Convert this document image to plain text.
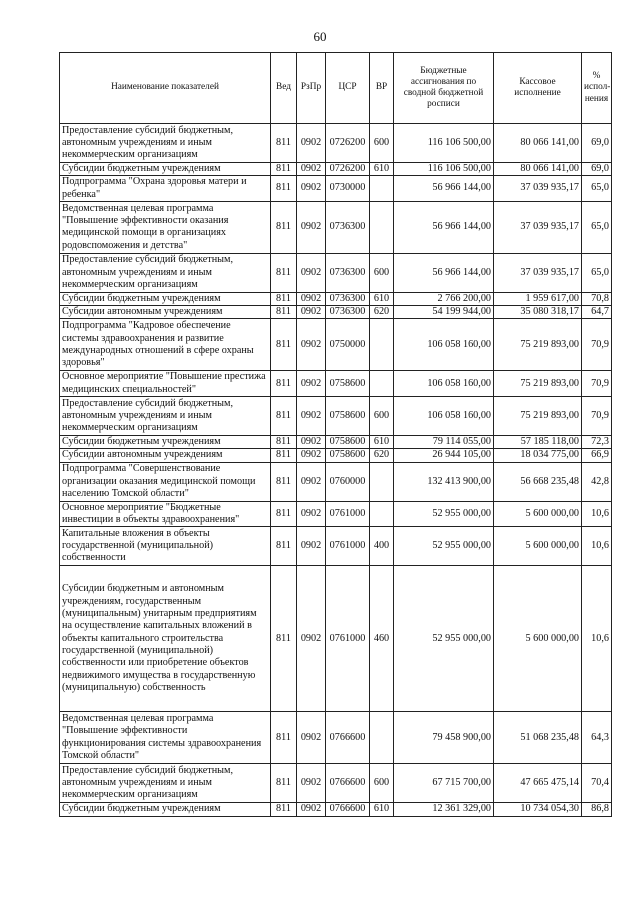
60
Наименование показателей	Вед	РзПр	ЦСР	ВР	Бюджетные ассигнования по сводной бюджетной росписи	Кассовое исполнение	% испол-нения
Предоставление субсидий бюджетным, автономным учреждениям и иным некоммерческим организациям	811	0902	0726200	600	116 106 500,00	80 066 141,00	69,0
Субсидии бюджетным учреждениям	811	0902	0726200	610	116 106 500,00	80 066 141,00	69,0
Подпрограмма "Охрана здоровья матери и ребенка"	811	0902	0730000		56 966 144,00	37 039 935,17	65,0
Ведомственная целевая программа "Повышение эффективности оказания медицинской помощи в организациях родовспоможения и детства"	811	0902	0736300		56 966 144,00	37 039 935,17	65,0
Предоставление субсидий бюджетным, автономным учреждениям и иным некоммерческим организациям	811	0902	0736300	600	56 966 144,00	37 039 935,17	65,0
Субсидии бюджетным учреждениям	811	0902	0736300	610	2 766 200,00	1 959 617,00	70,8
Субсидии автономным учреждениям	811	0902	0736300	620	54 199 944,00	35 080 318,17	64,7
Подпрограмма "Кадровое обеспечение системы здравоохранения и развитие международных отношений в сфере охраны здоровья"	811	0902	0750000		106 058 160,00	75 219 893,00	70,9
Основное мероприятие "Повышение престижа медицинских специальностей"	811	0902	0758600		106 058 160,00	75 219 893,00	70,9
Предоставление субсидий бюджетным, автономным учреждениям и иным некоммерческим организациям	811	0902	0758600	600	106 058 160,00	75 219 893,00	70,9
Субсидии бюджетным учреждениям	811	0902	0758600	610	79 114 055,00	57 185 118,00	72,3
Субсидии автономным учреждениям	811	0902	0758600	620	26 944 105,00	18 034 775,00	66,9
Подпрограмма "Совершенствование организации оказания медицинской помощи населению Томской области"	811	0902	0760000		132 413 900,00	56 668 235,48	42,8
Основное мероприятие "Бюджетные инвестиции в объекты здравоохранения"	811	0902	0761000		52 955 000,00	5 600 000,00	10,6
Капитальные вложения в объекты государственной (муниципальной) собственности	811	0902	0761000	400	52 955 000,00	5 600 000,00	10,6
Субсидии бюджетным и автономным учреждениям, государственным (муниципальным) унитарным предприятиям на осуществление капитальных вложений в объекты капитального строительства государственной (муниципальной) собственности или приобретение объектов недвижимого имущества в государственную (муниципальную) собственность	811	0902	0761000	460	52 955 000,00	5 600 000,00	10,6
Ведомственная целевая программа "Повышение эффективности функционирования системы здравоохранения Томской области"	811	0902	0766600		79 458 900,00	51 068 235,48	64,3
Предоставление субсидий бюджетным, автономным учреждениям и иным некоммерческим организациям	811	0902	0766600	600	67 715 700,00	47 665 475,14	70,4
Субсидии бюджетным учреждениям	811	0902	0766600	610	12 361 329,00	10 734 054,30	86,8
